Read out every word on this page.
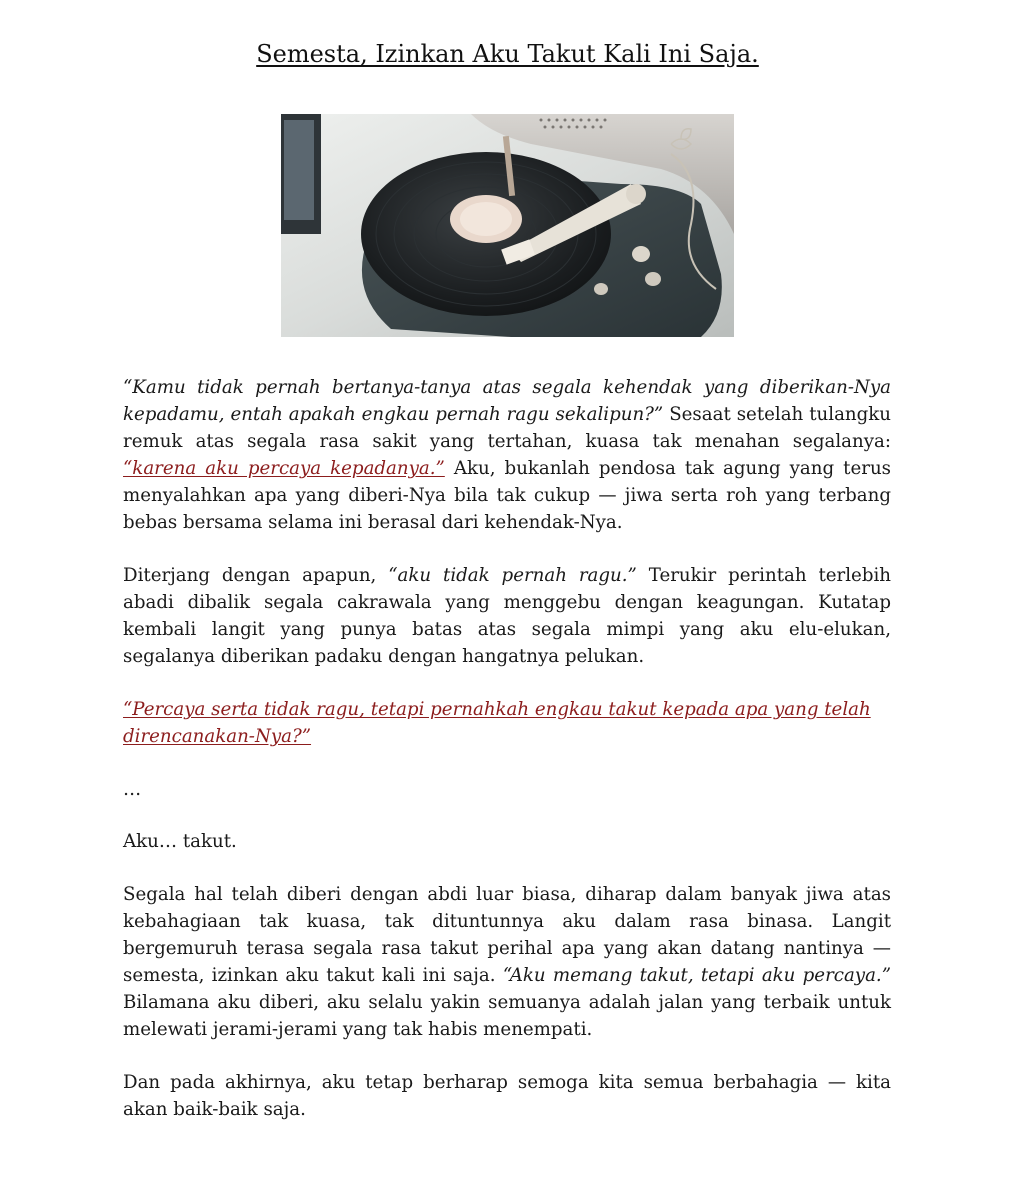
Semesta, Izinkan Aku Takut Kali Ini Saja.

“Kamu tidak pernah bertanya-tanya atas segala kehendak yang diberikan-Nya kepadamu, entah apakah engkau pernah ragu sekalipun?” Sesaat setelah tulangku remuk atas segala rasa sakit yang tertahan, kuasa tak menahan segalanya: “karena aku percaya kepadanya.” Aku, bukanlah pendosa tak agung yang terus menyalahkan apa yang diberi-Nya bila tak cukup — jiwa serta roh yang terbang bebas bersama selama ini berasal dari kehendak-Nya.

Diterjang dengan apapun, “aku tidak pernah ragu.” Terukir perintah terlebih abadi dibalik segala cakrawala yang menggebu dengan keagungan. Kutatap kembali langit yang punya batas atas segala mimpi yang aku elu-elukan, segalanya diberikan padaku dengan hangatnya pelukan.

“Percaya serta tidak ragu, tetapi pernahkah engkau takut kepada apa yang telah direncanakan-Nya?”

…

Aku… takut.

Segala hal telah diberi dengan abdi luar biasa, diharap dalam banyak jiwa atas kebahagiaan tak kuasa, tak dituntunnya aku dalam rasa binasa. Langit bergemuruh terasa segala rasa takut perihal apa yang akan datang nantinya — semesta, izinkan aku takut kali ini saja. “Aku memang takut, tetapi aku percaya.” Bilamana aku diberi, aku selalu yakin semuanya adalah jalan yang terbaik untuk melewati jerami-jerami yang tak habis menempati.

Dan pada akhirnya, aku tetap berharap semoga kita semua berbahagia — kita akan baik-baik saja.
